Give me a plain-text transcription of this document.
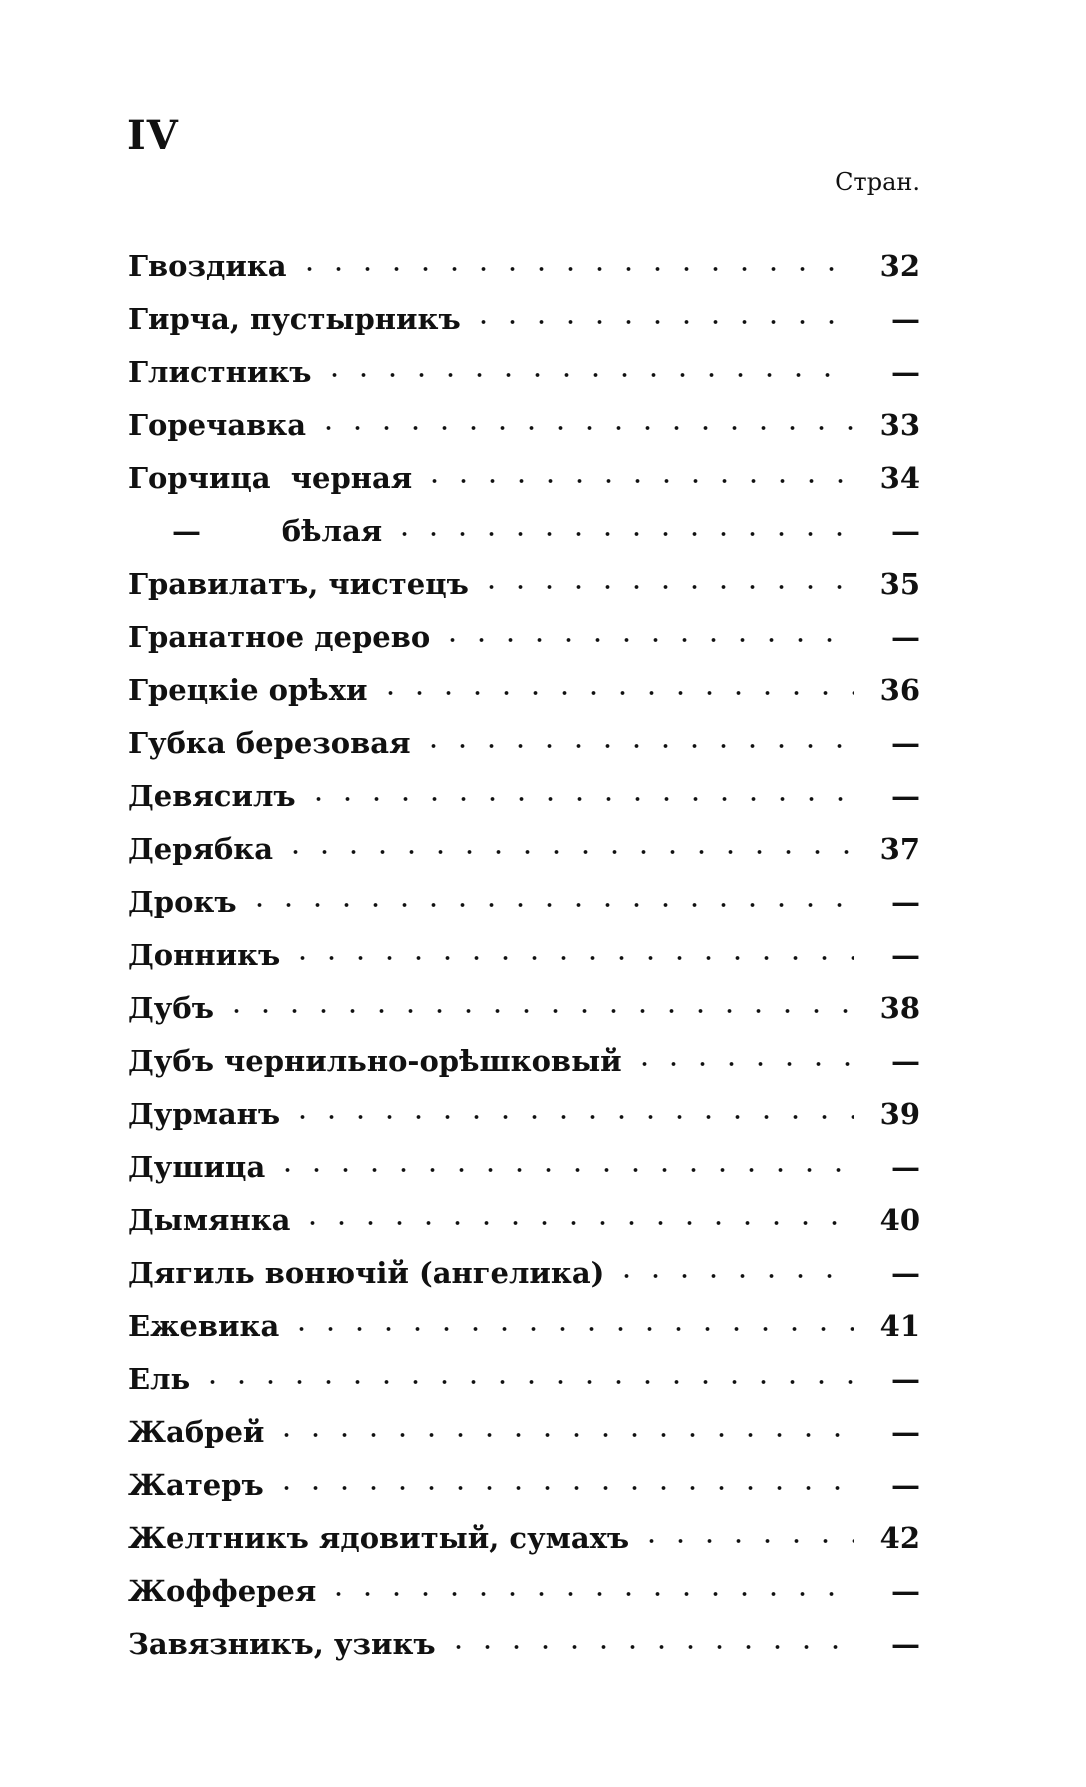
IV
Стран.
Гвоздика	32
Гирча, пустырникъ	—
Глистникъ	—
Горечавка	33
Горчица  черная	34
—        бѣлая	—
Гравилатъ, чистецъ	35
Гранатное дерево	—
Грецкіе орѣхи	36
Губка березовая	—
Девясилъ	—
Дерябка	37
Дрокъ	—
Донникъ	—
Дубъ	38
Дубъ чернильно-орѣшковый	—
Дурманъ	39
Душица	—
Дымянка	40
Дягиль вонючій (ангелика)	—
Ежевика	41
Ель	—
Жабрей	—
Жатеръ	—
Желтникъ ядовитый, сумахъ	42
Жофферея	—
Завязникъ, узикъ	—
